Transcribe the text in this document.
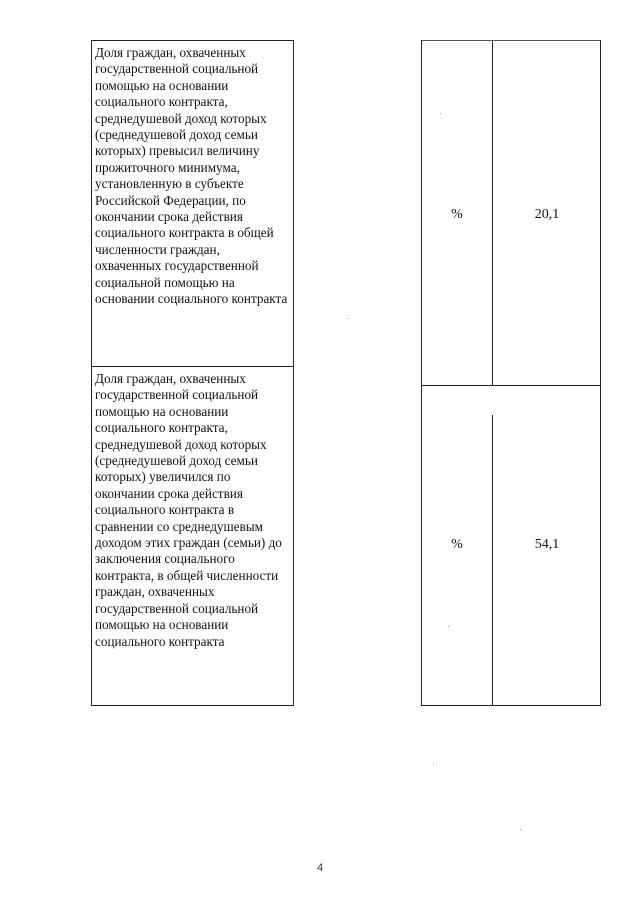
Доля граждан, охваченных государственной социальной помощью на основании социального контракта, среднедушевой доход которых (среднедушевой доход семьи которых) превысил величину прожиточного минимума, установленную в субъекте Российской Федерации, по окончании срока действия социального контракта в общей численности граждан, охваченных государственной социальной помощью на основании социального контракта
Доля граждан, охваченных государственной социальной помощью на основании социального контракта, среднедушевой доход которых (среднедушевой доход семьи которых) увеличился по окончании срока действия социального контракта в сравнении со среднедушевым доходом этих граждан (семьи) до заключения социального контракта, в общей численности граждан, охваченных государственной социальной помощью на основании социального контракта
%	20,1
%	54,1
4
